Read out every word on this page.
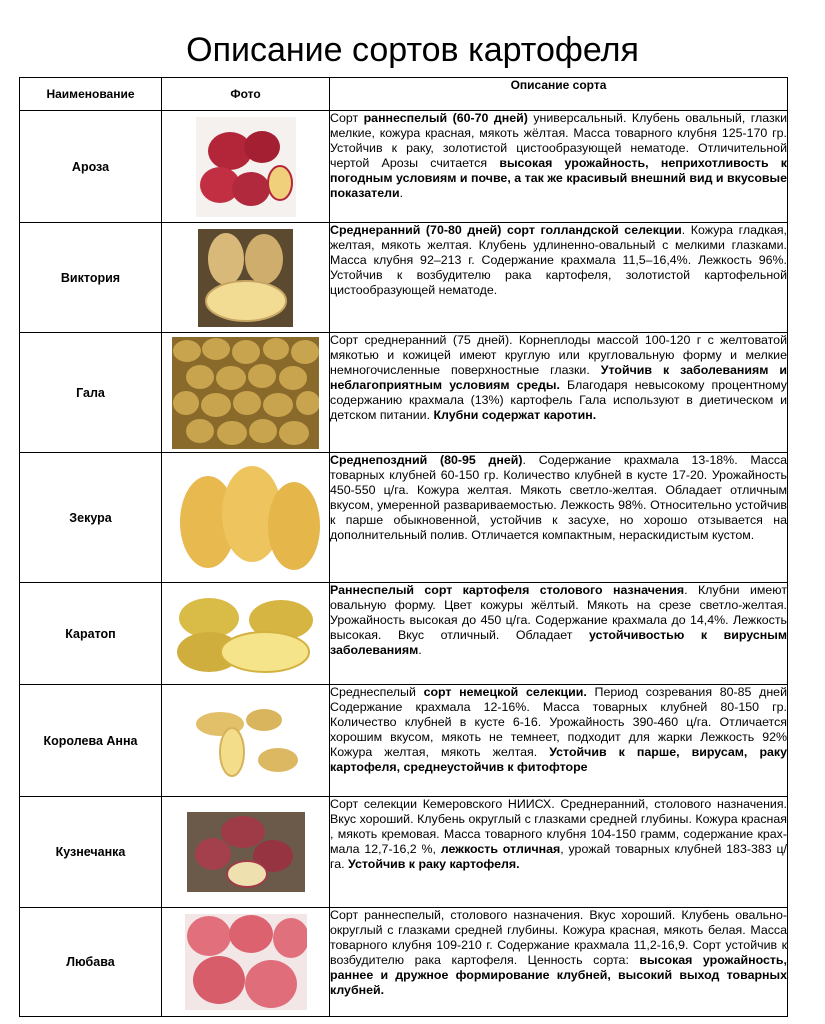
Описание сортов картофеля
Наименование	Фото	Описание сорта
Ароза		Сорт раннеспелый (60-70 дней) универсальный. Клубень овальный, глазки мелкие, кожура красная, мякоть жёлтая. Масса товарного клубня 125-170 гр. Устойчив к раку, золотистой цистообразующей нематоде. Отличительной чертой Арозы считается высокая урожайность, неприхотливость к погодным условиям и почве, а так же красивый внешний вид и вкусовые показатели.
Виктория		Среднеранний (70-80 дней) сорт голландской селекции. Кожура гладкая, желтая, мякоть желтая. Клубень удлиненно-овальный с мелкими глазками. Масса клубня 92–213 г. Содержание крахмала 11,5–16,4%. Лежкость 96%. Устойчив к возбудителю рака картофеля, золотистой картофельной цистообразующей нематоде.
Гала		Сорт среднеранний (75 дней). Корнеплоды массой 100-120 г с желтоватой мякотью и кожицей имеют круглую или кругловальную форму и мелкие немногочисленные поверхностные глазки. Утойчив к заболеваниям и неблагоприятным условиям среды. Благодаря невысокому процентному содержанию крахмала (13%) картофель Гала используют в диетическом и детском питании. Клубни содержат каротин.
Зекура		Среднепоздний (80-95 дней). Содержание крахмала 13-18%. Масса товарных клубней 60-150 гр. Количество клубней в кусте 17-20. Урожайность 450-550 ц/га. Кожура желтая. Мякоть светло-желтая. Обладает отличным вкусом, умеренной развариваемостью. Лежкость 98%. Относительно устойчив к парше обыкновенной, устойчив к засухе, но хорошо отзывается на дополнительный полив. Отличается компактным, нераскидистым кустом.
Каратоп		Раннеспелый сорт картофеля столового назначения. Клубни имеют овальную форму. Цвет кожуры жёлтый. Мякоть на срезе светло-желтая. Урожайность высокая до 450 ц/га. Содержание крахмала до 14,4%. Лежкость высокая. Вкус отличный. Обладает устойчивостью к вирусным заболеваниям.
Королева Анна		Среднеспелый сорт немецкой селекции. Период созревания 80-85 дней Содержание крахмала 12-16%. Масса товарных клубней 80-150 гр. Количество клубней в кусте 6-16. Урожайность 390-460 ц/га. Отличается хорошим вкусом, мякоть не темнеет, подходит для жарки Лежкость 92% Кожура желтая, мякоть желтая. Устойчив к парше, вирусам, раку картофеля, среднеустойчив к фитофторе
Кузнечанка		Сорт селекции Кемеровского НИИСХ. Среднеранний, столового назначения. Вкус хороший. Клубень округлый с глазками средней глубины. Кожура красная , мякоть кремовая. Масса товарного клубня 104-150 грамм, содержание крах-мала 12,7-16,2 %, лежкость отличная, урожай товарных клубней 183-383 ц/га. Устойчив к раку картофеля.
Любава		Сорт раннеспелый, столового назначения. Вкус хороший. Клубень овально-округлый с глазками средней глубины. Кожура красная, мякоть белая. Масса товарного клубня 109-210 г. Содержание крахмала 11,2-16,9. Сорт устойчив к возбудителю рака картофеля. Ценность сорта: высокая урожайность, раннее и дружное формирование клубней, высокий выход товарных клубней.
